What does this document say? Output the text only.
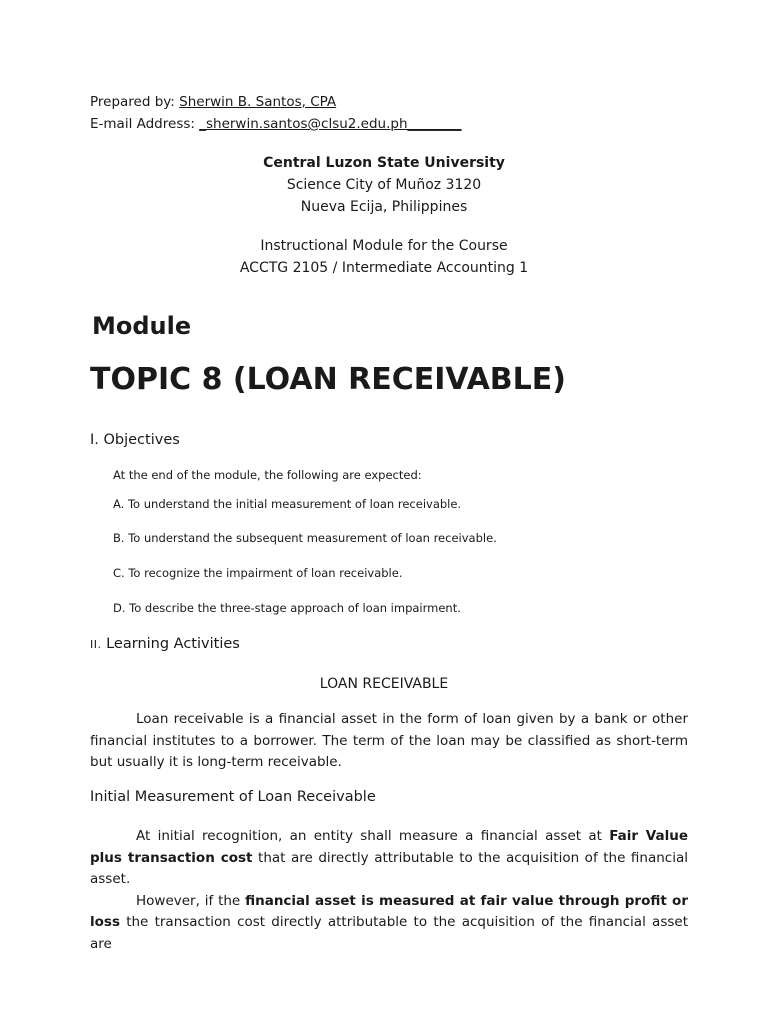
Prepared by: Sherwin B. Santos, CPA
E-mail Address: _sherwin.santos@clsu2.edu.ph________
Central Luzon State University
Science City of Muñoz 3120
Nueva Ecija, Philippines
Instructional Module for the Course
ACCTG 2105 / Intermediate Accounting 1
Module
TOPIC 8 (LOAN RECEIVABLE)
I. Objectives
At the end of the module, the following are expected:
A. To understand the initial measurement of loan receivable.
B. To understand the subsequent measurement of loan receivable.
C. To recognize the impairment of loan receivable.
D. To describe the three-stage approach of loan impairment.
II. Learning Activities
LOAN RECEIVABLE
Loan receivable is a financial asset in the form of loan given by a bank or other financial institutes to a borrower. The term of the loan may be classified as short-term but usually it is long-term receivable.
Initial Measurement of Loan Receivable
At initial recognition, an entity shall measure a financial asset at Fair Value plus transaction cost that are directly attributable to the acquisition of the financial asset.
However, if the financial asset is measured at fair value through profit or loss the transaction cost directly attributable to the acquisition of the financial asset are
